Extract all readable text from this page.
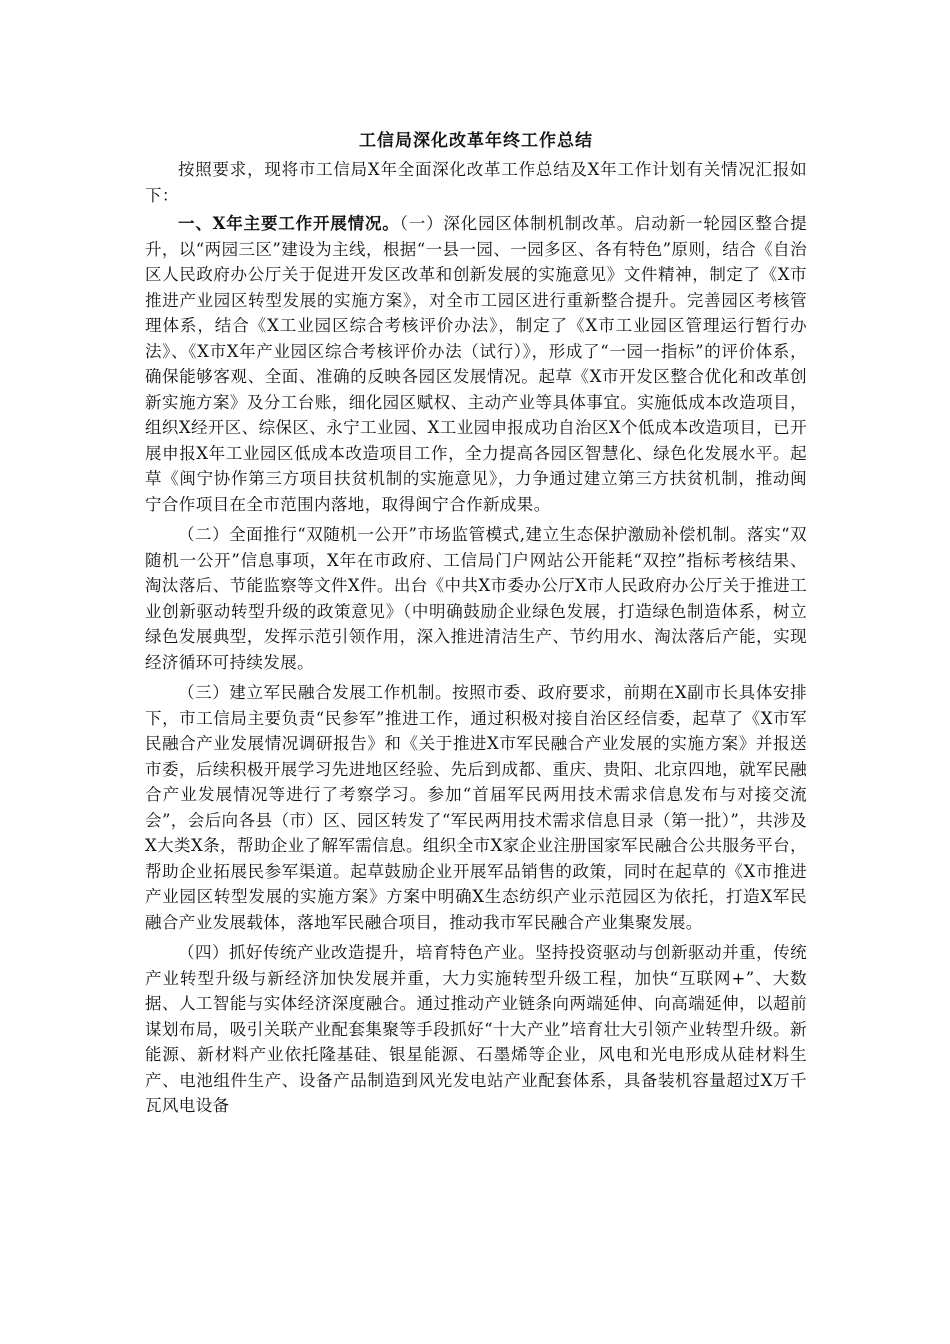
工信局深化改革年终工作总结

按照要求，现将市工信局X年全面深化改革工作总结及X年工作计划有关情况汇报如下：

一、X年主要工作开展情况。（一）深化园区体制机制改革。启动新一轮园区整合提升，以“两园三区”建设为主线，根据“一县一园、一园多区、各有特色”原则，结合《自治区人民政府办公厅关于促进开发区改革和创新发展的实施意见》文件精神，制定了《X市推进产业园区转型发展的实施方案》，对全市工园区进行重新整合提升。完善园区考核管理体系，结合《X工业园区综合考核评价办法》，制定了《X市工业园区管理运行暂行办法》、《X市X年产业园区综合考核评价办法（试行）》，形成了“一园一指标”的评价体系，确保能够客观、全面、准确的反映各园区发展情况。起草《X市开发区整合优化和改革创新实施方案》及分工台账，细化园区赋权、主动产业等具体事宜。实施低成本改造项目，组织X经开区、综保区、永宁工业园、X工业园申报成功自治区X个低成本改造项目，已开展申报X年工业园区低成本改造项目工作，全力提高各园区智慧化、绿色化发展水平。起草《闽宁协作第三方项目扶贫机制的实施意见》，力争通过建立第三方扶贫机制，推动闽宁合作项目在全市范围内落地，取得闽宁合作新成果。

（二）全面推行“双随机一公开”市场监管模式,建立生态保护激励补偿机制。落实“双随机一公开”信息事项，X年在市政府、工信局门户网站公开能耗“双控”指标考核结果、淘汰落后、节能监察等文件X件。出台《中共X市委办公厅X市人民政府办公厅关于推进工业创新驱动转型升级的政策意见》（中明确鼓励企业绿色发展，打造绿色制造体系，树立绿色发展典型，发挥示范引领作用，深入推进清洁生产、节约用水、淘汰落后产能，实现经济循环可持续发展。

（三）建立军民融合发展工作机制。按照市委、政府要求，前期在X副市长具体安排下，市工信局主要负责“民参军”推进工作，通过积极对接自治区经信委，起草了《X市军民融合产业发展情况调研报告》和《关于推进X市军民融合产业发展的实施方案》并报送市委，后续积极开展学习先进地区经验、先后到成都、重庆、贵阳、北京四地，就军民融合产业发展情况等进行了考察学习。参加“首届军民两用技术需求信息发布与对接交流会”，会后向各县（市）区、园区转发了“军民两用技术需求信息目录（第一批）”，共涉及X大类X条，帮助企业了解军需信息。组织全市X家企业注册国家军民融合公共服务平台，帮助企业拓展民参军渠道。起草鼓励企业开展军品销售的政策，同时在起草的《X市推进产业园区转型发展的实施方案》方案中明确X生态纺织产业示范园区为依托，打造X军民融合产业发展载体，落地军民融合项目，推动我市军民融合产业集聚发展。

（四）抓好传统产业改造提升，培育特色产业。坚持投资驱动与创新驱动并重，传统产业转型升级与新经济加快发展并重，大力实施转型升级工程，加快“互联网+”、大数据、人工智能与实体经济深度融合。通过推动产业链条向两端延伸、向高端延伸，以超前谋划布局，吸引关联产业配套集聚等手段抓好“十大产业”培育壮大引领产业转型升级。新能源、新材料产业依托隆基硅、银星能源、石墨烯等企业，风电和光电形成从硅材料生产、电池组件生产、设备产品制造到风光发电站产业配套体系，具备装机容量超过X万千瓦风电设备
